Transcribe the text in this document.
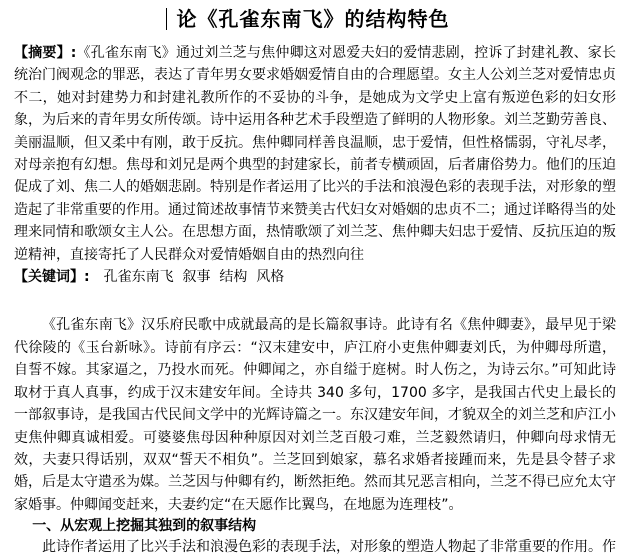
论《孔雀东南飞》的结构特色

【摘要】:《孔雀东南飞》通过刘兰芝与焦仲卿这对恩爱夫妇的爱情悲剧，控诉了封建礼教、家长统治门阀观念的罪恶，表达了青年男女要求婚姻爱情自由的合理愿望。女主人公刘兰芝对爱情忠贞不二，她对封建势力和封建礼教所作的不妥协的斗争，是她成为文学史上富有叛逆色彩的妇女形象，为后来的青年男女所传颂。诗中运用各种艺术手段塑造了鲜明的人物形象。刘兰芝勤劳善良、美丽温顺，但又柔中有刚，敢于反抗。焦仲卿同样善良温顺，忠于爱情，但性格懦弱，守礼尽孝，对母亲抱有幻想。焦母和刘兄是两个典型的封建家长，前者专横顽固，后者庸俗势力。他们的压迫促成了刘、焦二人的婚姻悲剧。特别是作者运用了比兴的手法和浪漫色彩的表现手法，对形象的塑造起了非常重要的作用。通过简述故事情节来赞美古代妇女对婚姻的忠贞不二；通过详略得当的处理来同情和歌颂女主人公。在思想方面，热情歌颂了刘兰芝、焦仲卿夫妇忠于爱情、反抗压迫的叛逆精神，直接寄托了人民群众对爱情婚姻自由的热烈向往

【关键词】: 孔雀东南飞  叙事  结构  风格

《孔雀东南飞》汉乐府民歌中成就最高的是长篇叙事诗。此诗有名《焦仲卿妻》，最早见于梁代徐陵的《玉台新咏》。诗前有序云：“汉末建安中，庐江府小吏焦仲卿妻刘氏，为仲卿母所遣，自誓不嫁。其家逼之，乃投水而死。仲卿闻之，亦自缢于庭树。时人伤之，为诗云尔。”可知此诗取材于真人真事，约成于汉末建安年间。全诗共 340 多句，1700 多字，是我国古代史上最长的一部叙事诗，是我国古代民间文学中的光辉诗篇之一。东汉建安年间，才貌双全的刘兰芝和庐江小吏焦仲卿真诚相爱。可婆婆焦母因种种原因对刘兰芝百般刁难，兰芝毅然请归，仲卿向母求情无效，夫妻只得话别，双双“誓天不相负”。兰芝回到娘家，慕名求婚者接踵而来，先是县令替子求婚，后是太守遣丞为媒。兰芝因与仲卿有约，断然拒绝。然而其兄恶言相向，兰芝不得已应允太守家婚事。仲卿闻变赶来，夫妻约定“在天愿作比翼鸟，在地愿为连理枝”。

一、从宏观上挖掘其独到的叙事结构

此诗作者运用了比兴手法和浪漫色彩的表现手法，对形象的塑造人物起了非常重要的作用。作
